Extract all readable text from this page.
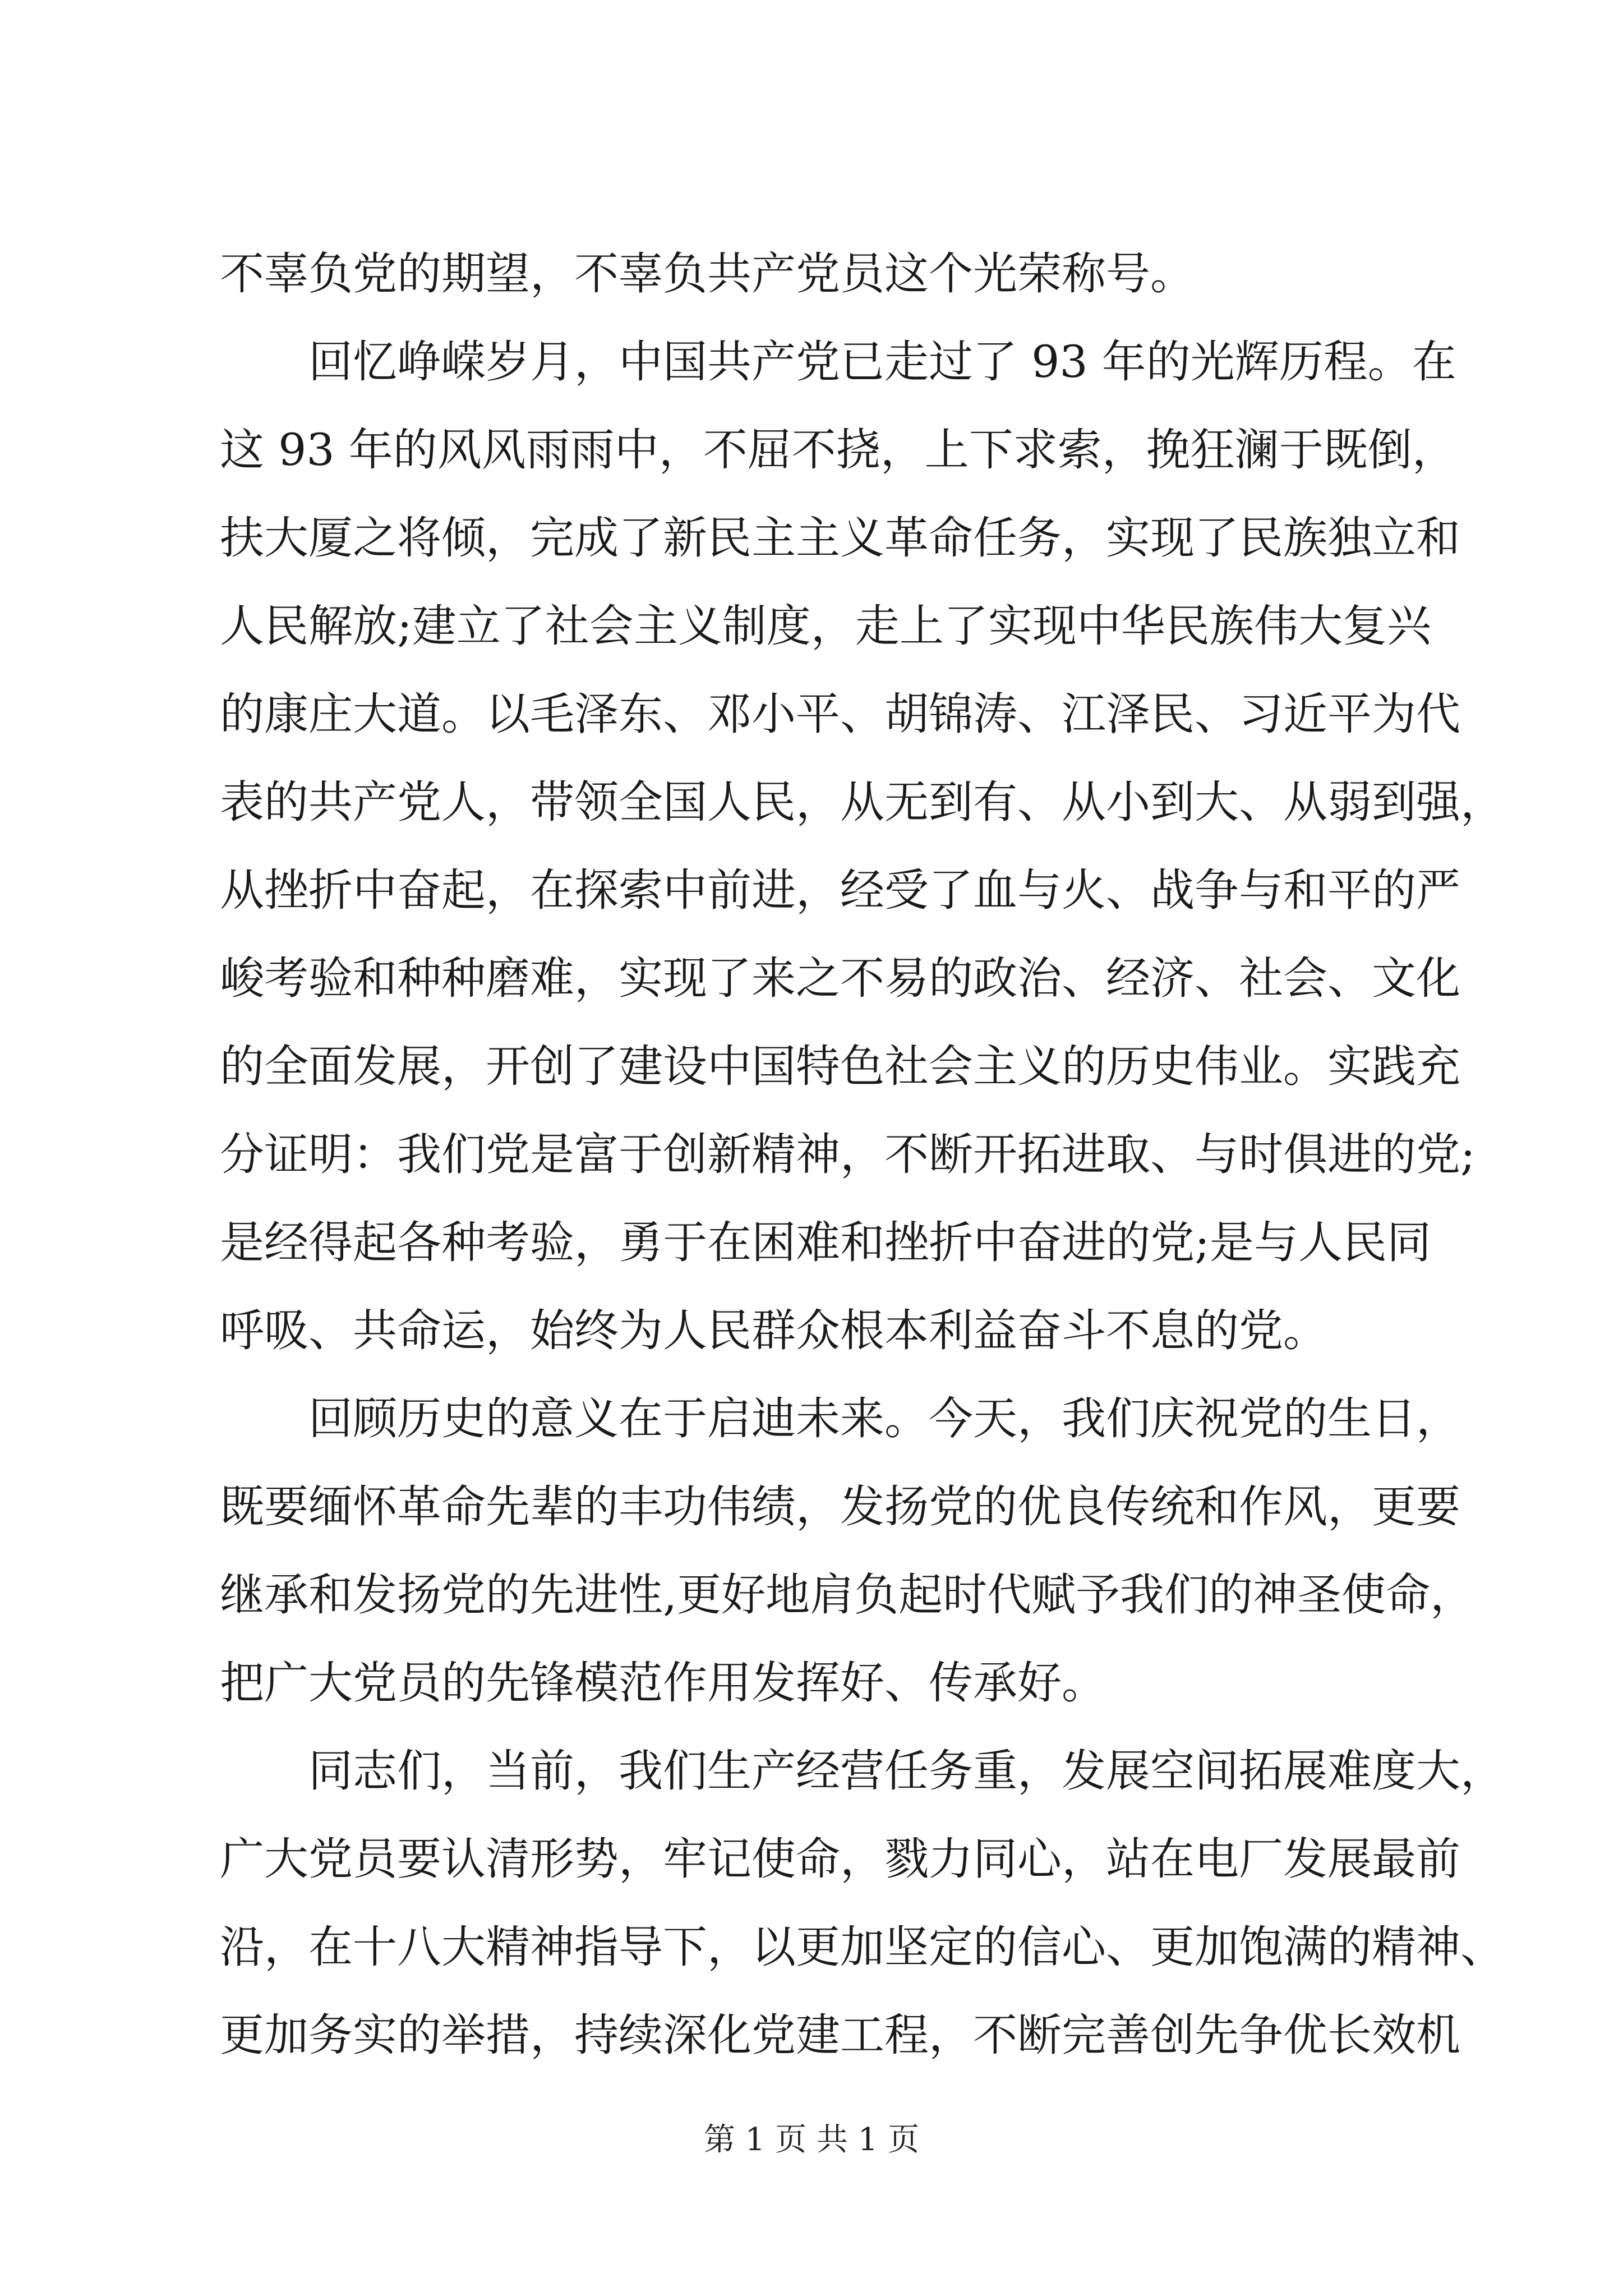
不辜负党的期望，不辜负共产党员这个光荣称号。
回忆峥嵘岁月，中国共产党已走过了 93 年的光辉历程。在
这 93 年的风风雨雨中，不屈不挠，上下求索，挽狂澜于既倒，
扶大厦之将倾，完成了新民主主义革命任务，实现了民族独立和
人民解放;建立了社会主义制度，走上了实现中华民族伟大复兴
的康庄大道。以毛泽东、邓小平、胡锦涛、江泽民、习近平为代
表的共产党人，带领全国人民，从无到有、从小到大、从弱到强，
从挫折中奋起，在探索中前进，经受了血与火、战争与和平的严
峻考验和种种磨难，实现了来之不易的政治、经济、社会、文化
的全面发展，开创了建设中国特色社会主义的历史伟业。实践充
分证明：我们党是富于创新精神，不断开拓进取、与时俱进的党;
是经得起各种考验，勇于在困难和挫折中奋进的党;是与人民同
呼吸、共命运，始终为人民群众根本利益奋斗不息的党。
回顾历史的意义在于启迪未来。今天，我们庆祝党的生日，
既要缅怀革命先辈的丰功伟绩，发扬党的优良传统和作风，更要
继承和发扬党的先进性,更好地肩负起时代赋予我们的神圣使命，
把广大党员的先锋模范作用发挥好、传承好。
同志们，当前，我们生产经营任务重，发展空间拓展难度大，
广大党员要认清形势，牢记使命，戮力同心，站在电厂发展最前
沿，在十八大精神指导下，以更加坚定的信心、更加饱满的精神、
更加务实的举措，持续深化党建工程，不断完善创先争优长效机
第 1 页 共 1 页
